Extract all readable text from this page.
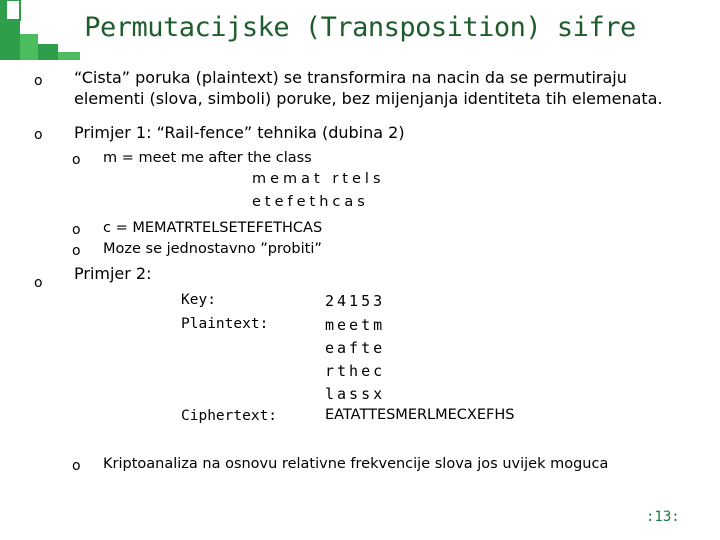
Permutacijske (Transposition) sifre
o “Cista” poruka (plaintext) se transformira na nacin da se permutiraju
elementi (slova, simboli) poruke, bez mijenjanja identiteta tih elemenata.
o Primjer 1: “Rail-fence” tehnika (dubina 2)
o m = meet me after the class
memat rtels
etefethcas
o c = MEMATRTELSETEFETHCAS
o Moze se jednostavno ”probiti”
o Primjer 2:
Key:	24153
Plaintext:	meetm
eafte
rthec
lassx
Ciphertext:	EATATTESMERLMECXEFHS
o Kriptoanaliza na osnovu relativne frekvencije slova jos uvijek moguca
:13:
